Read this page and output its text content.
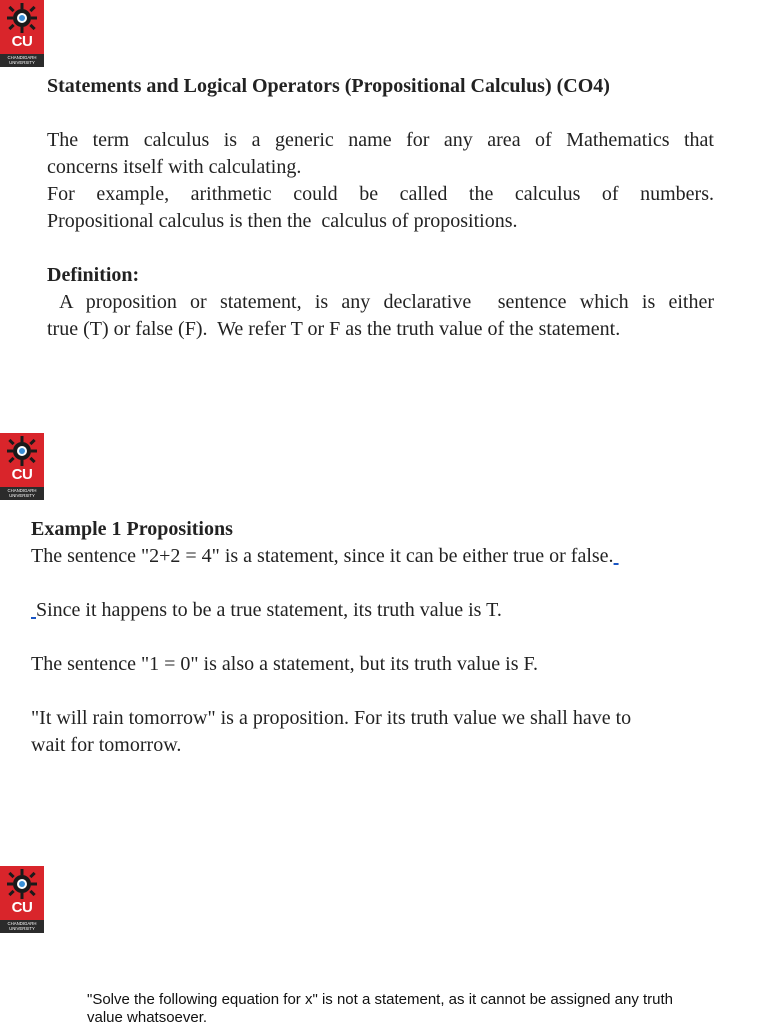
CU
CHANDIGARH
UNIVERSITY

Statements and Logical Operators (Propositional Calculus) (CO4)

The term calculus is a generic name for any area of Mathematics that

concerns itself with calculating.

For example, arithmetic could be called the calculus of numbers.

Propositional calculus is then the  calculus of propositions.

Definition:

A proposition or statement, is any declarative  sentence which is either

true (T) or false (F).  We refer T or F as the truth value of the statement.

CU
CHANDIGARH
UNIVERSITY

Example 1 Propositions

The sentence "2+2 = 4" is a statement, since it can be either true or false.

Since it happens to be a true statement, its truth value is T.

The sentence "1 = 0" is also a statement, but its truth value is F.

"It will rain tomorrow" is a proposition. For its truth value we shall have to

wait for tomorrow.

CU
CHANDIGARH
UNIVERSITY

"Solve the following equation for x" is not a statement, as it cannot be assigned any truth

value whatsoever.
